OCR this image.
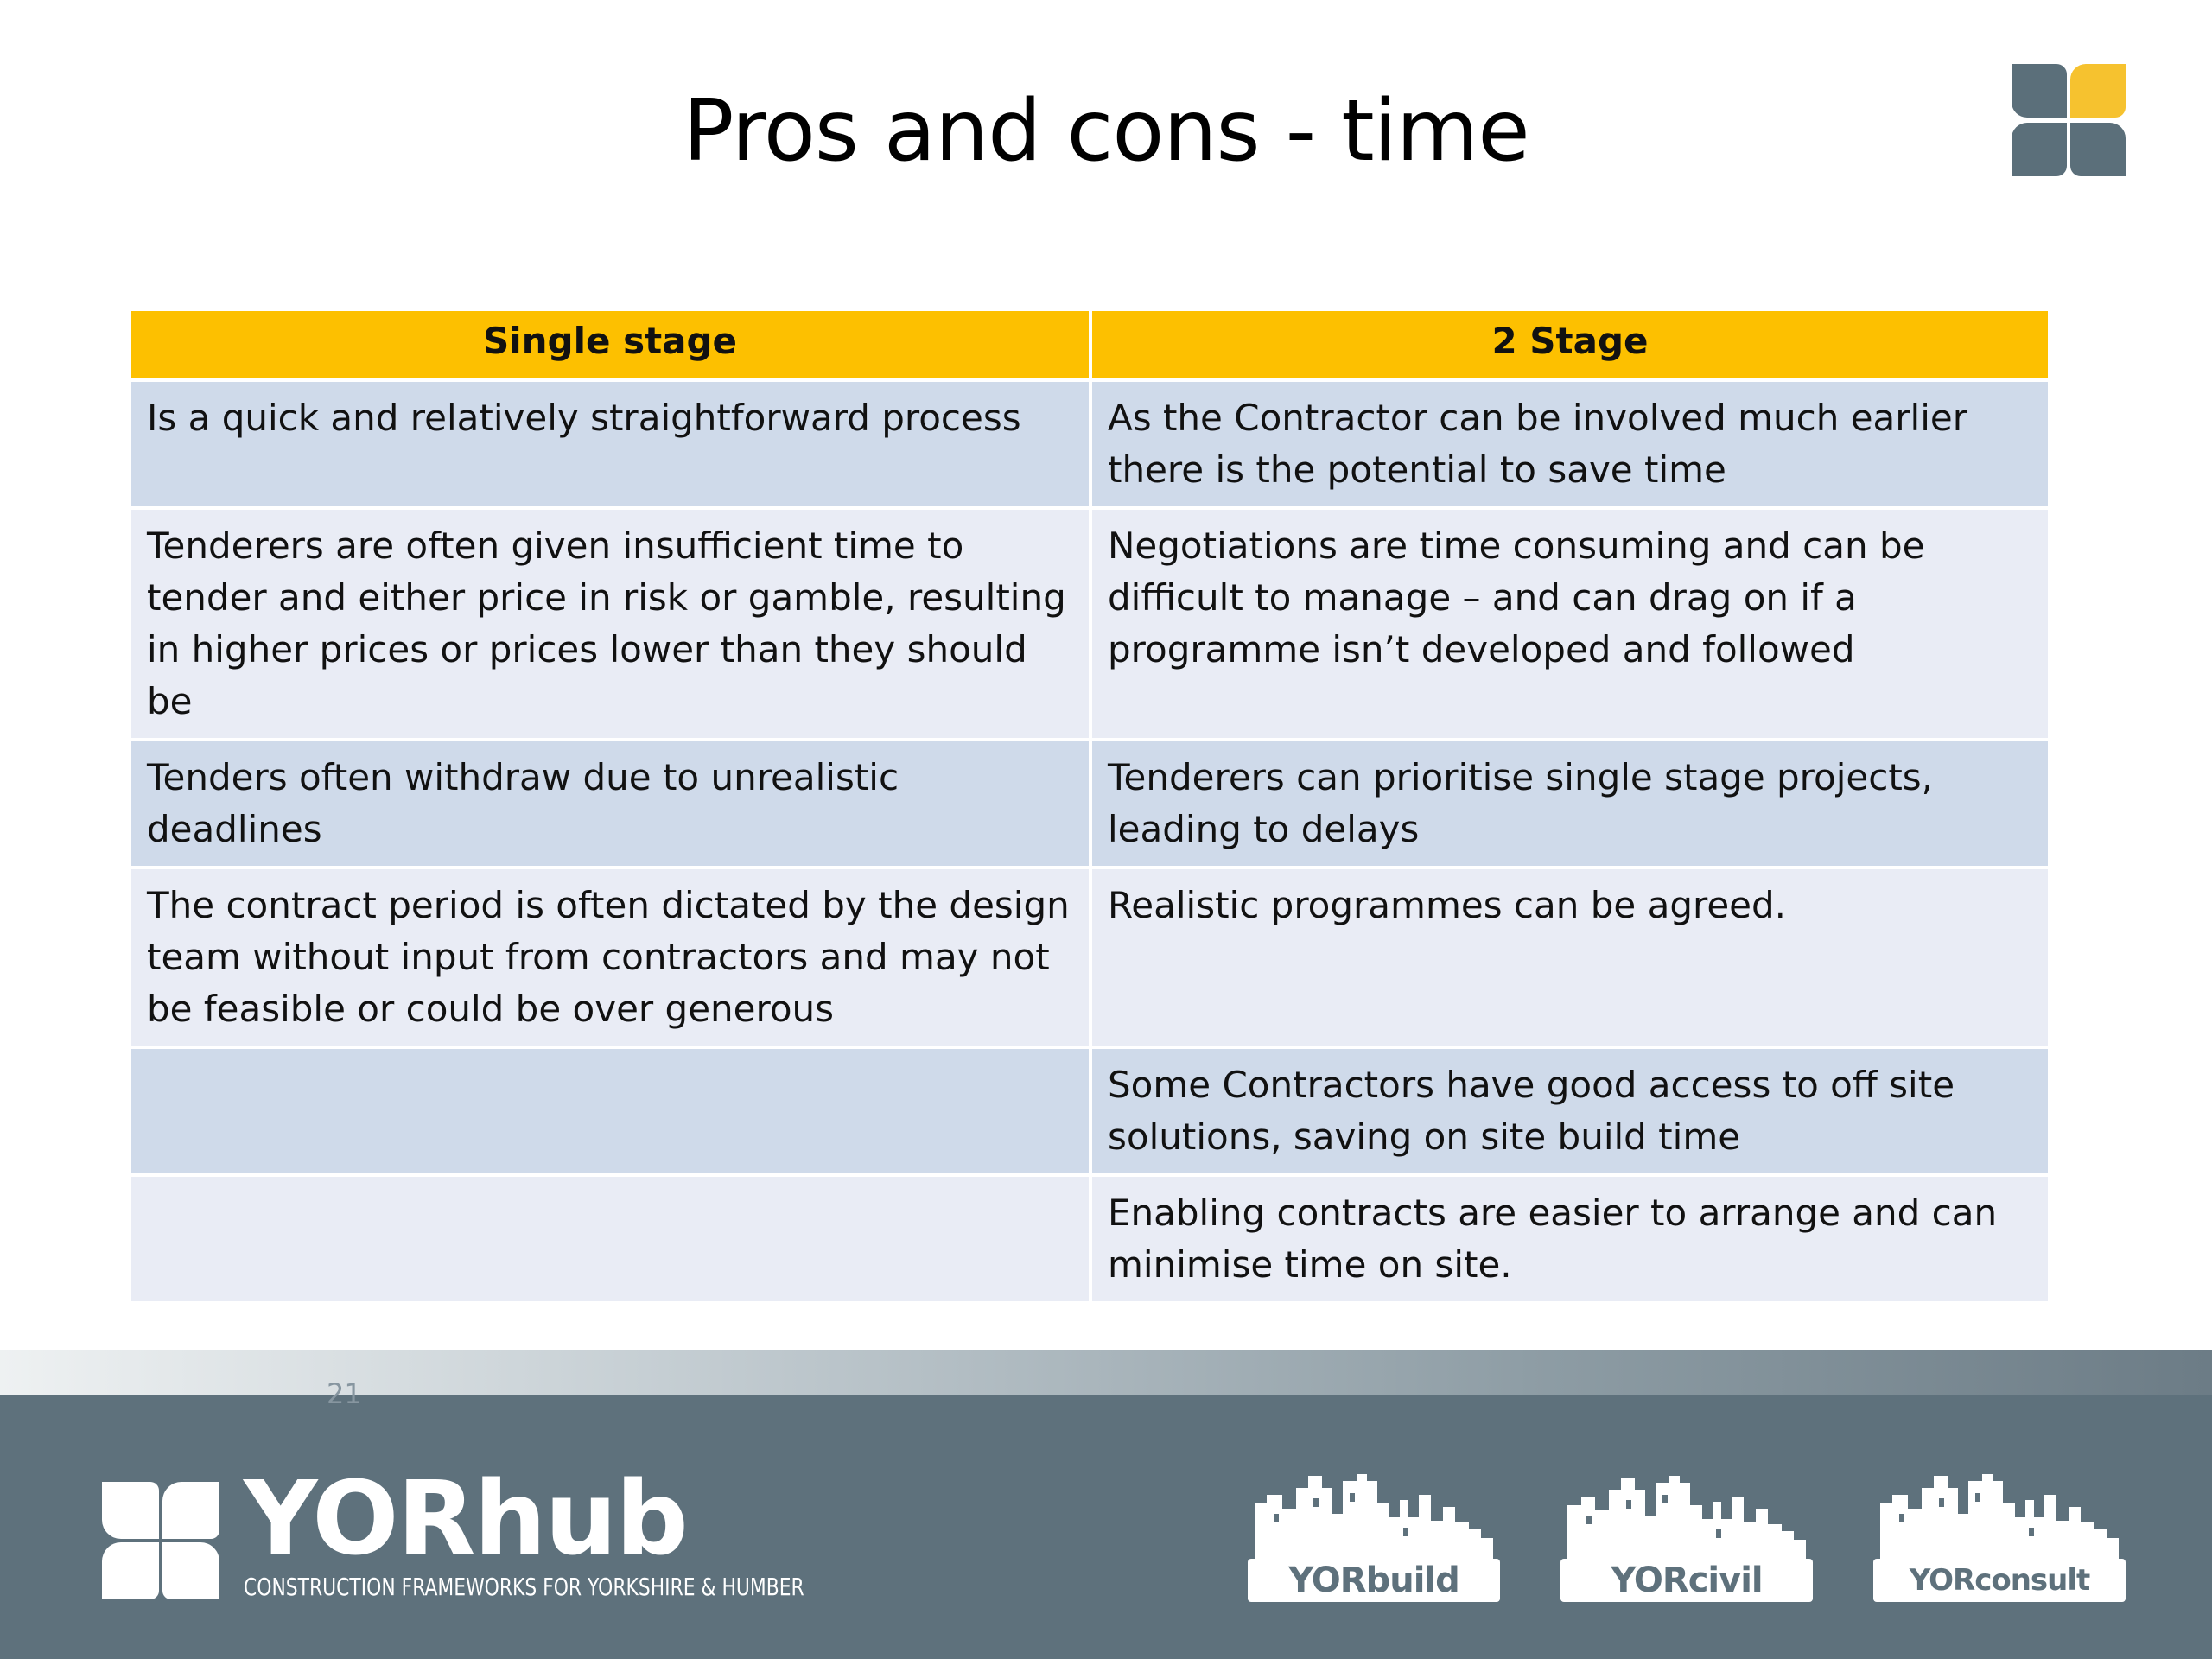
Pros and cons - time
Single stage	2 Stage
Is a quick and relatively straightforward process	As the Contractor can be involved much earlier there is the potential to save time
Tenderers are often given insufficient time to tender and either price in risk or gamble, resulting in higher prices or prices lower than they should be	Negotiations are time consuming and can be difficult to manage – and can drag on if a programme isn’t developed and followed
Tenders often withdraw due to unrealistic deadlines	Tenderers can prioritise single stage projects, leading to delays
The contract period is often dictated by the design team without input from contractors and may not be feasible or could be over generous	Realistic programmes can be agreed.
	Some Contractors have good access to off site solutions, saving on site build time
	Enabling contracts are easier to arrange and can minimise time on site.
21
YORhub
CONSTRUCTION FRAMEWORKS FOR YORKSHIRE & HUMBER	YORbuild	YORcivil	YORconsult
